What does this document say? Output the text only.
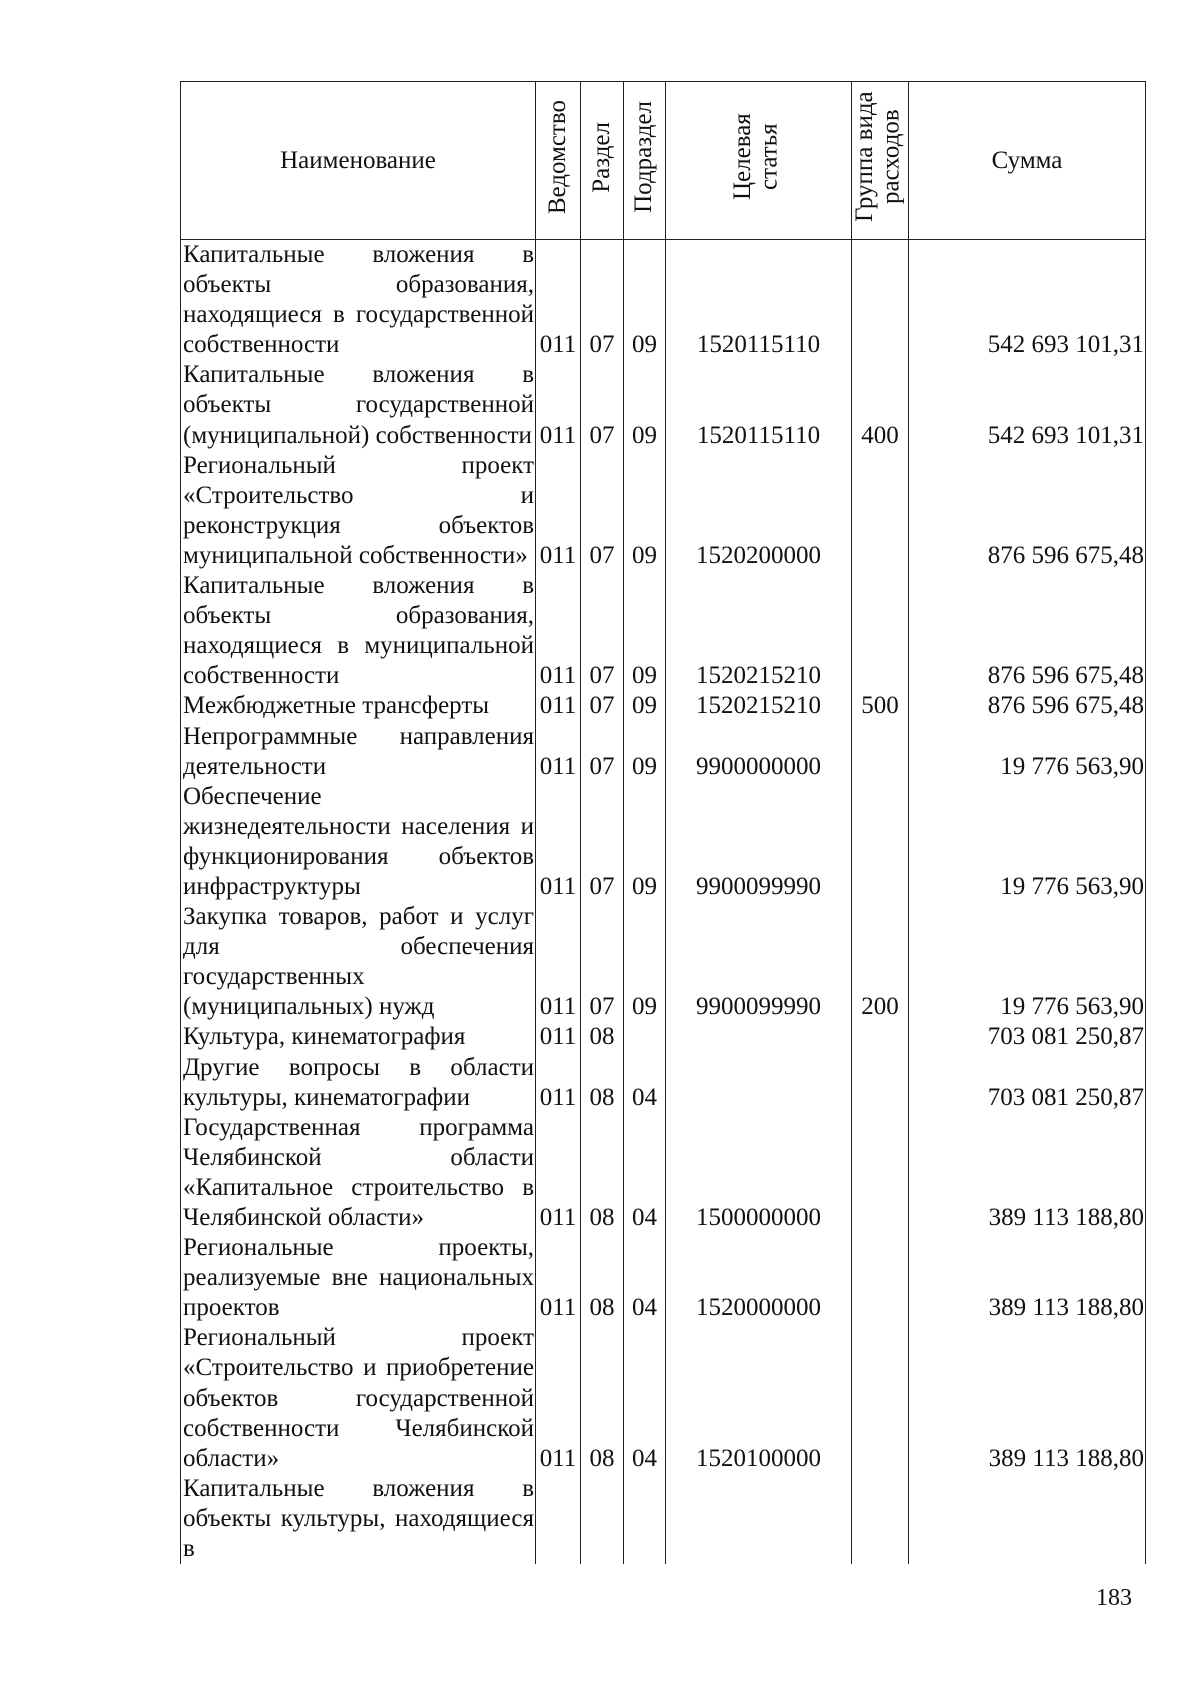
Наименование	Ведомство	Раздел	Подраздел	Целевая статья	Группа вида расходов	Сумма
Капитальные вложения в объекты образования, находящиеся в государственной собственности	011	07	09	1520115110		542 693 101,31
Капитальные вложения в объекты государственной (муниципальной) собственности	011	07	09	1520115110	400	542 693 101,31
Региональный проект «Строительство и реконструкция объектов муниципальной собственности»	011	07	09	1520200000		876 596 675,48
Капитальные вложения в объекты образования, находящиеся в муниципальной собственности	011	07	09	1520215210		876 596 675,48
Межбюджетные трансферты	011	07	09	1520215210	500	876 596 675,48
Непрограммные направления деятельности	011	07	09	9900000000		19 776 563,90
Обеспечение жизнедеятельности населения и функционирования объектов инфраструктуры	011	07	09	9900099990		19 776 563,90
Закупка товаров, работ и услуг для обеспечения государственных (муниципальных) нужд	011	07	09	9900099990	200	19 776 563,90
Культура, кинематография	011	08				703 081 250,87
Другие вопросы в области культуры, кинематографии	011	08	04			703 081 250,87
Государственная программа Челябинской области «Капитальное строительство в Челябинской области»	011	08	04	1500000000		389 113 188,80
Региональные проекты, реализуемые вне национальных проектов	011	08	04	1520000000		389 113 188,80
Региональный проект «Строительство и приобретение объектов государственной собственности Челябинской области»	011	08	04	1520100000		389 113 188,80
Капитальные вложения в объекты культуры, находящиеся в						
183
